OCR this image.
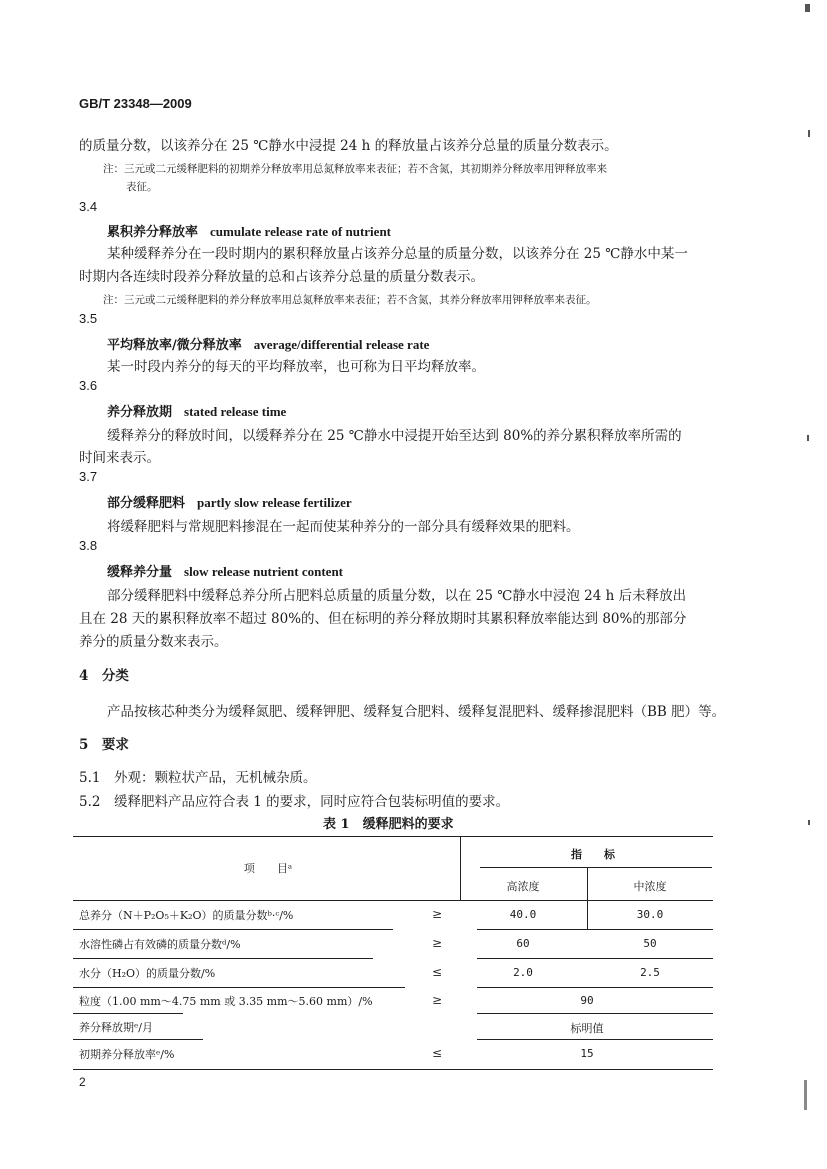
GB/T 23348—2009
的质量分数，以该养分在 25 ℃静水中浸提 24 h 的释放量占该养分总量的质量分数表示。
注：三元或二元缓释肥料的初期养分释放率用总氮释放率来表征；若不含氮，其初期养分释放率用钾释放率来
表征。
3.4
累积养分释放率 cumulate release rate of nutrient
某种缓释养分在一段时期内的累积释放量占该养分总量的质量分数，以该养分在 25 ℃静水中某一
时期内各连续时段养分释放量的总和占该养分总量的质量分数表示。
注：三元或二元缓释肥料的养分释放率用总氮释放率来表征；若不含氮，其养分释放率用钾释放率来表征。
3.5
平均释放率/微分释放率 average/differential release rate
某一时段内养分的每天的平均释放率，也可称为日平均释放率。
3.6
养分释放期 stated release time
缓释养分的释放时间，以缓释养分在 25 ℃静水中浸提开始至达到 80%的养分累积释放率所需的
时间来表示。
3.7
部分缓释肥料 partly slow release fertilizer
将缓释肥料与常规肥料掺混在一起而使某种养分的一部分具有缓释效果的肥料。
3.8
缓释养分量 slow release nutrient content
部分缓释肥料中缓释总养分所占肥料总质量的质量分数，以在 25 ℃静水中浸泡 24 h 后未释放出
且在 28 天的累积释放率不超过 80%的、但在标明的养分释放期时其累积释放率能达到 80%的那部分
养分的质量分数来表示。
4　分类
产品按核芯种类分为缓释氮肥、缓释钾肥、缓释复合肥料、缓释复混肥料、缓释掺混肥料（BB 肥）等。
5　要求
5.1　外观：颗粒状产品，无机械杂质。
5.2　缓释肥料产品应符合表 1 的要求，同时应符合包装标明值的要求。
表 1　缓释肥料的要求
项　　目ᵃ
指　　标
高浓度	中浓度
总养分（N＋P₂O₅＋K₂O）的质量分数ᵇ·ᶜ/%	≥	40.0	30.0
水溶性磷占有效磷的质量分数ᵈ/%	≥	60	50
水分（H₂O）的质量分数/%	≤	2.0	2.5
粒度（1.00 mm～4.75 mm 或 3.35 mm～5.60 mm）/%	≥	90
养分释放期ᵉ/月	标明值
初期养分释放率ᵉ/%	≤	15
2
